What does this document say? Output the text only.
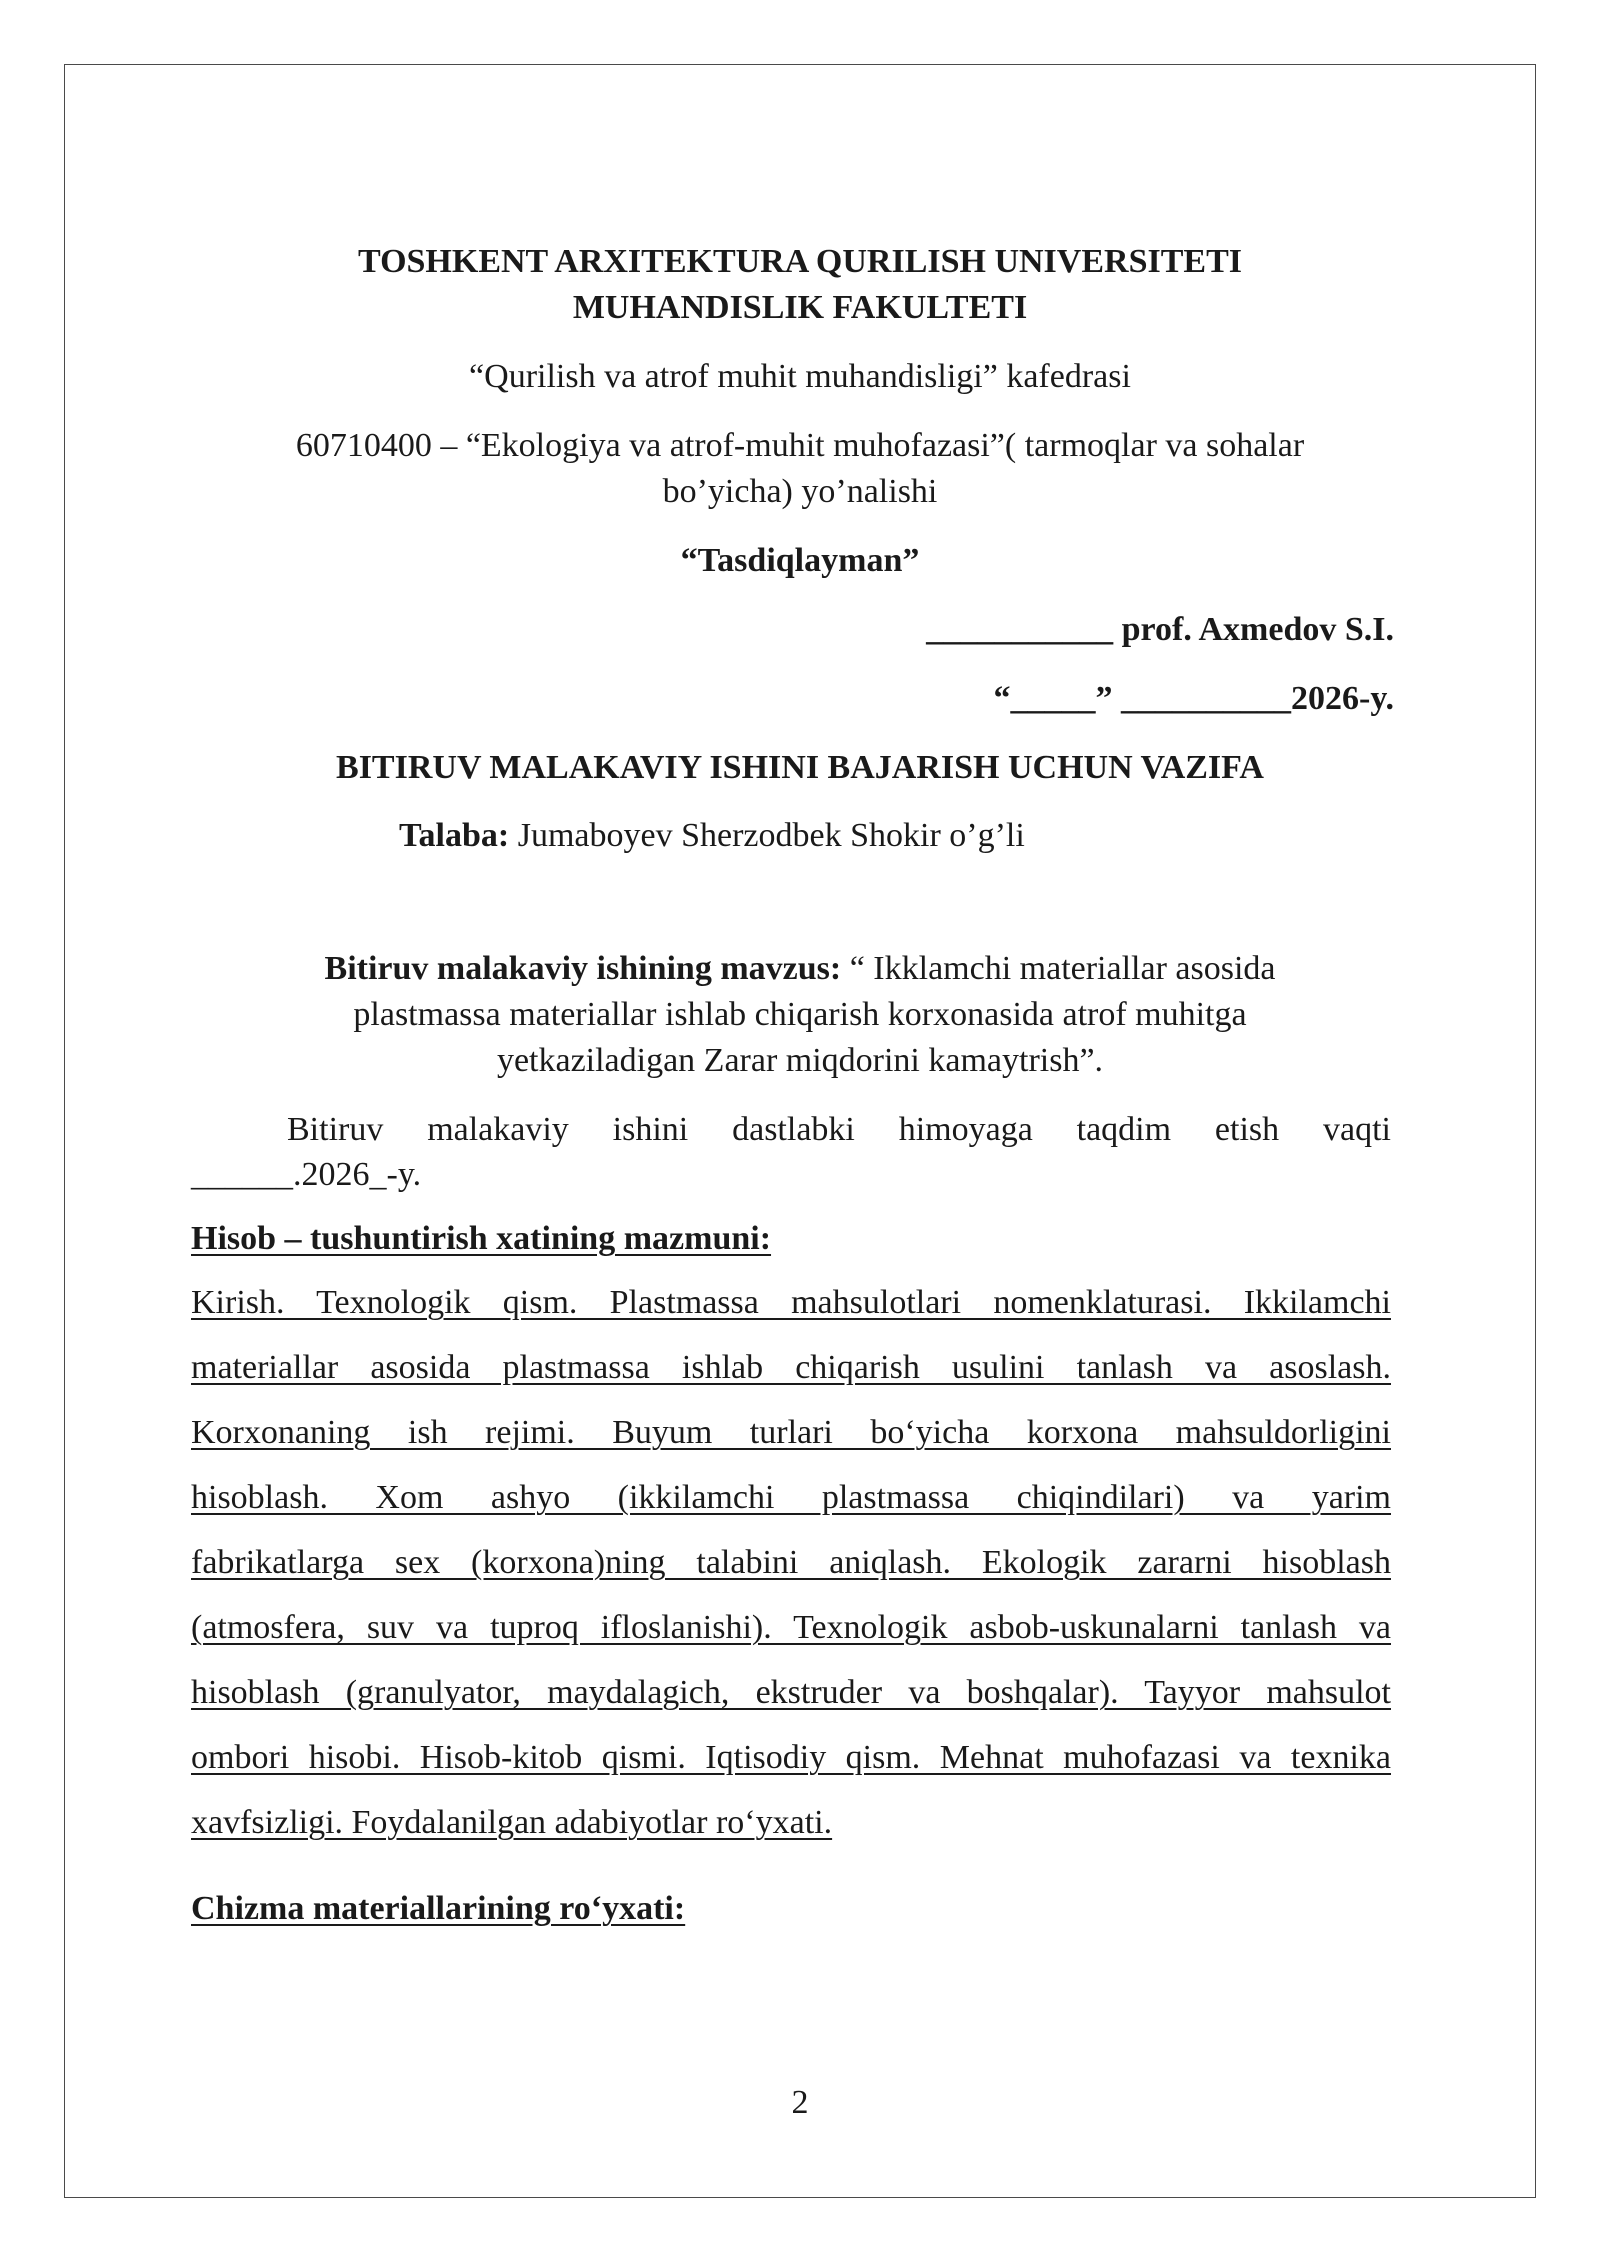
TOSHKENT ARXITEKTURA QURILISH UNIVERSITETI
MUHANDISLIK FAKULTETI
“Qurilish va atrof muhit muhandisligi” kafedrasi
60710400 – “Ekologiya va atrof-muhit muhofazasi”( tarmoqlar va sohalar
bo’yicha) yo’nalishi
“Tasdiqlayman”
___________ prof. Axmedov S.I.
“_____” __________2026-y.
BITIRUV MALAKAVIY ISHINI BAJARISH UCHUN VAZIFA
Talaba: Jumaboyev Sherzodbek Shokir o’g’li
Bitiruv malakaviy ishining mavzus: “ Ikklamchi materiallar asosida
plastmassa materiallar ishlab chiqarish korxonasida atrof muhitga
yetkaziladigan Zarar miqdorini kamaytrish”.
Bitiruv malakaviy ishini dastlabki himoyaga taqdim etish vaqti
______.2026_-y.
Hisob – tushuntirish xatining mazmuni:
Kirish. Texnologik qism. Plastmassa mahsulotlari nomenklaturasi. Ikkilamchi
materiallar asosida plastmassa ishlab chiqarish usulini tanlash va asoslash.
Korxonaning ish rejimi. Buyum turlari bo‘yicha korxona mahsuldorligini
hisoblash. Xom ashyo (ikkilamchi plastmassa chiqindilari) va yarim
fabrikatlarga sex (korxona)ning talabini aniqlash. Ekologik zararni hisoblash
(atmosfera, suv va tuproq ifloslanishi). Texnologik asbob-uskunalarni tanlash va
hisoblash (granulyator, maydalagich, ekstruder va boshqalar). Tayyor mahsulot
ombori hisobi. Hisob-kitob qismi. Iqtisodiy qism. Mehnat muhofazasi va texnika
xavfsizligi. Foydalanilgan adabiyotlar ro‘yxati.
Chizma materiallarining ro‘yxati:
2
